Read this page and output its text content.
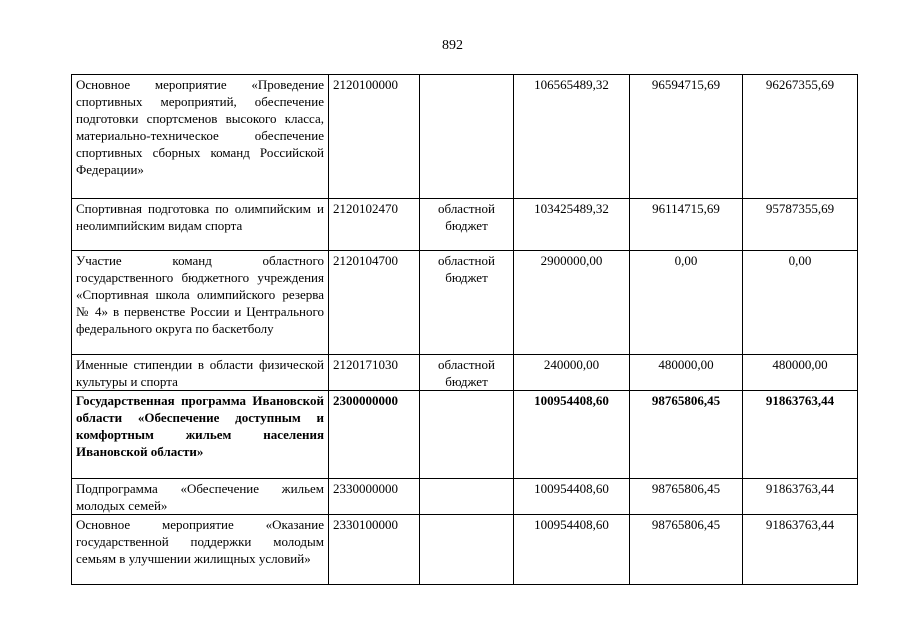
892
Основное мероприятие «Проведение спортивных мероприятий, обеспечение подготовки спортсменов высокого класса, материально-техническое обеспечение спортивных сборных команд Российской Федерации»	2120100000		106565489,32	96594715,69	96267355,69
Спортивная подготовка по олимпийским и неолимпийским видам спорта	2120102470	областной бюджет	103425489,32	96114715,69	95787355,69
Участие команд областного государственного бюджетного учреждения «Спортивная школа олимпийского резерва № 4» в первенстве России и Центрального федерального округа по баскетболу	2120104700	областной бюджет	2900000,00	0,00	0,00
Именные стипендии в области физической культуры и спорта	2120171030	областной бюджет	240000,00	480000,00	480000,00
Государственная программа Ивановской области «Обеспечение доступным и комфортным жильем населения Ивановской области»	2300000000		100954408,60	98765806,45	91863763,44
Подпрограмма «Обеспечение жильем молодых семей»	2330000000		100954408,60	98765806,45	91863763,44
Основное мероприятие «Оказание государственной поддержки молодым семьям в улучшении жилищных условий»	2330100000		100954408,60	98765806,45	91863763,44
